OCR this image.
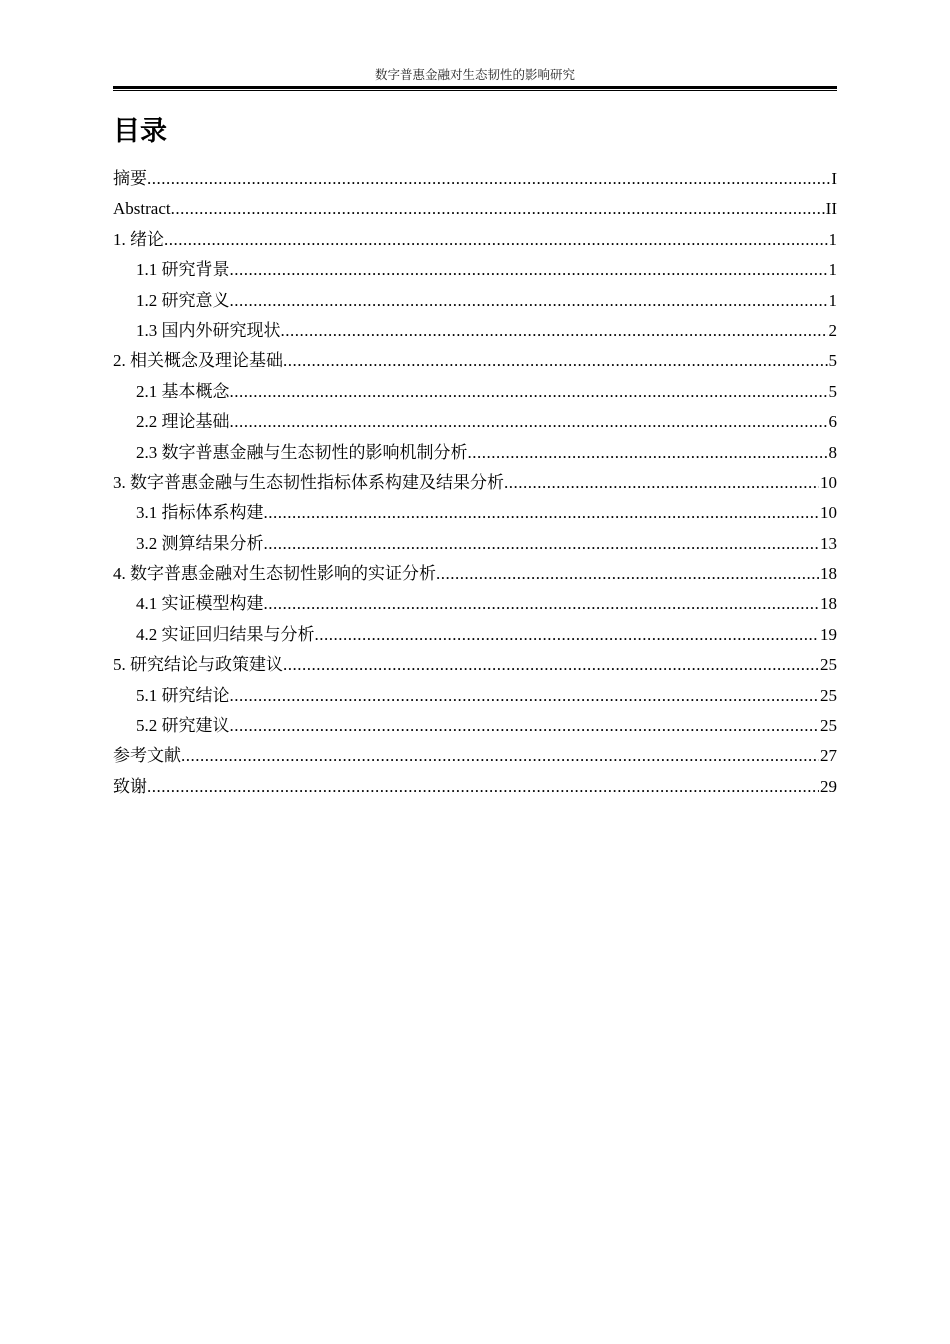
数字普惠金融对生态韧性的影响研究
目录
摘要 .....	I
Abstract .....	II
1. 绪论 .....	1
1.1 研究背景 .....	1
1.2 研究意义 .....	1
1.3 国内外研究现状 .....	2
2. 相关概念及理论基础 .....	5
2.1 基本概念 .....	5
2.2 理论基础 .....	6
2.3 数字普惠金融与生态韧性的影响机制分析 .....	8
3. 数字普惠金融与生态韧性指标体系构建及结果分析 .....	10
3.1 指标体系构建 .....	10
3.2 测算结果分析 .....	13
4. 数字普惠金融对生态韧性影响的实证分析 .....	18
4.1 实证模型构建 .....	18
4.2 实证回归结果与分析 .....	19
5. 研究结论与政策建议 .....	25
5.1 研究结论 .....	25
5.2 研究建议 .....	25
参考文献 .....	27
致谢 .....	29
